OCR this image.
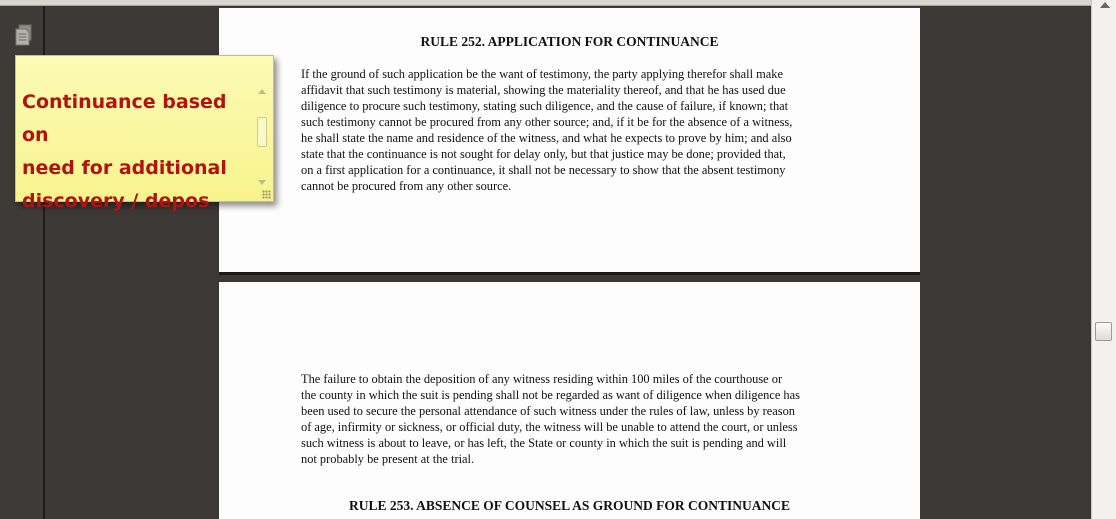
RULE 252. APPLICATION FOR CONTINUANCE
If the ground of such application be the want of testimony, the party applying therefor shall make
affidavit that such testimony is material, showing the materiality thereof, and that he has used due
diligence to procure such testimony, stating such diligence, and the cause of failure, if known; that
such testimony cannot be procured from any other source; and, if it be for the absence of a witness,
he shall state the name and residence of the witness, and what he expects to prove by him; and also
state that the continuance is not sought for delay only, but that justice may be done; provided that,
on a first application for a continuance, it shall not be necessary to show that the absent testimony
cannot be procured from any other source.
The failure to obtain the deposition of any witness residing within 100 miles of the courthouse or
the county in which the suit is pending shall not be regarded as want of diligence when diligence has
been used to secure the personal attendance of such witness under the rules of law, unless by reason
of age, infirmity or sickness, or official duty, the witness will be unable to attend the court, or unless
such witness is about to leave, or has left, the State or county in which the suit is pending and will
not probably be present at the trial.
RULE 253. ABSENCE OF COUNSEL AS GROUND FOR CONTINUANCE
Continuance based on
need for additional
discovery / depos
